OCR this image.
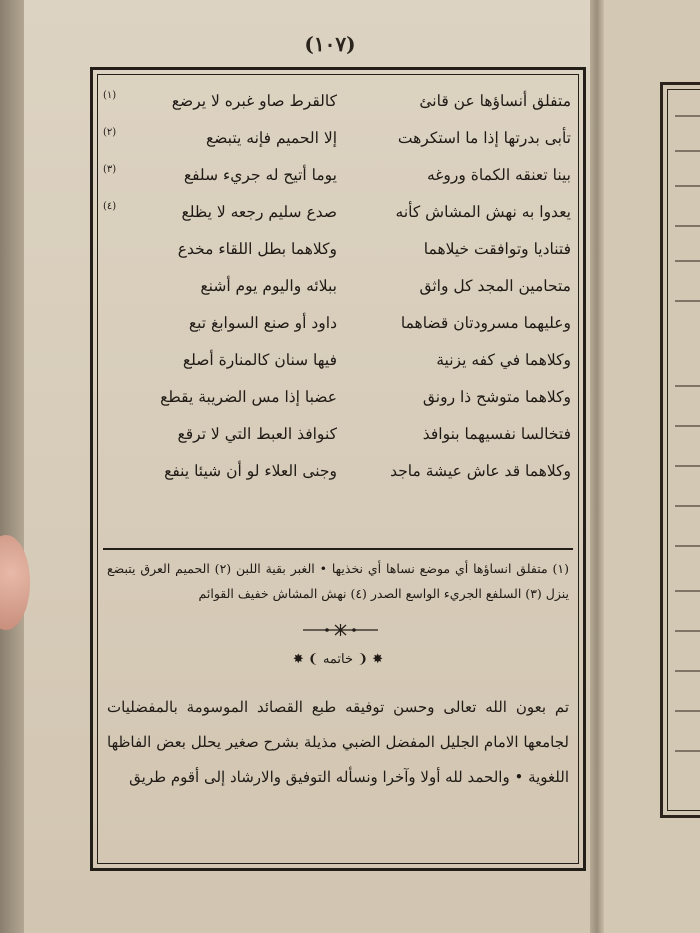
(١٠٧)
متفلق أنساؤها عن قانئ
كالقرط صاو غبره لا يرضع
(١)
تأبى بدرتها إذا ما استكرهت
إلا الحميم فإنه يتبضع
(٢)
بينا تعنقه الكماة وروغه
يوما أتيح له جريء سلفع
(٣)
يعدوا به نهش المشاش كأنه
صدع سليم رجعه لا يظلع
(٤)
فتناديا وتوافقت خيلاهما
وكلاهما بطل اللقاء مخدع
متحامين المجد كل واثق
ببلائه واليوم يوم أشنع
وعليهما مسرودتان قضاهما
داود أو صنع السوابغ تبع
وكلاهما في كفه يزنية
فيها سنان كالمنارة أصلع
وكلاهما متوشح ذا رونق
عضبا إذا مس الضريبة يقطع
فتخالسا نفسيهما بنوافذ
كنوافذ العبط التي لا ترقع
وكلاهما قد عاش عيشة ماجد
وجنى العلاء لو أن شيئا ينفع
(١) متفلق انساؤها أي موضع نساها أي نخذيها • الغبر بقية اللبن (٢) الحميم العرق يتبضع ينزل (٣) السلفع الجريء الواسع الصدر (٤) نهش المشاش خفيف القوائم
✸ ❨ خاتمه ❩ ✸
تم بعون الله تعالى وحسن توفيقه طبع القصائد الموسومة بالمفضليات لجامعها الامام الجليل المفضل الضبي مذيلة بشرح صغير يحلل بعض الفاظها اللغوية • والحمد لله أولا وآخرا ونسأله التوفيق والارشاد إلى أقوم طريق
